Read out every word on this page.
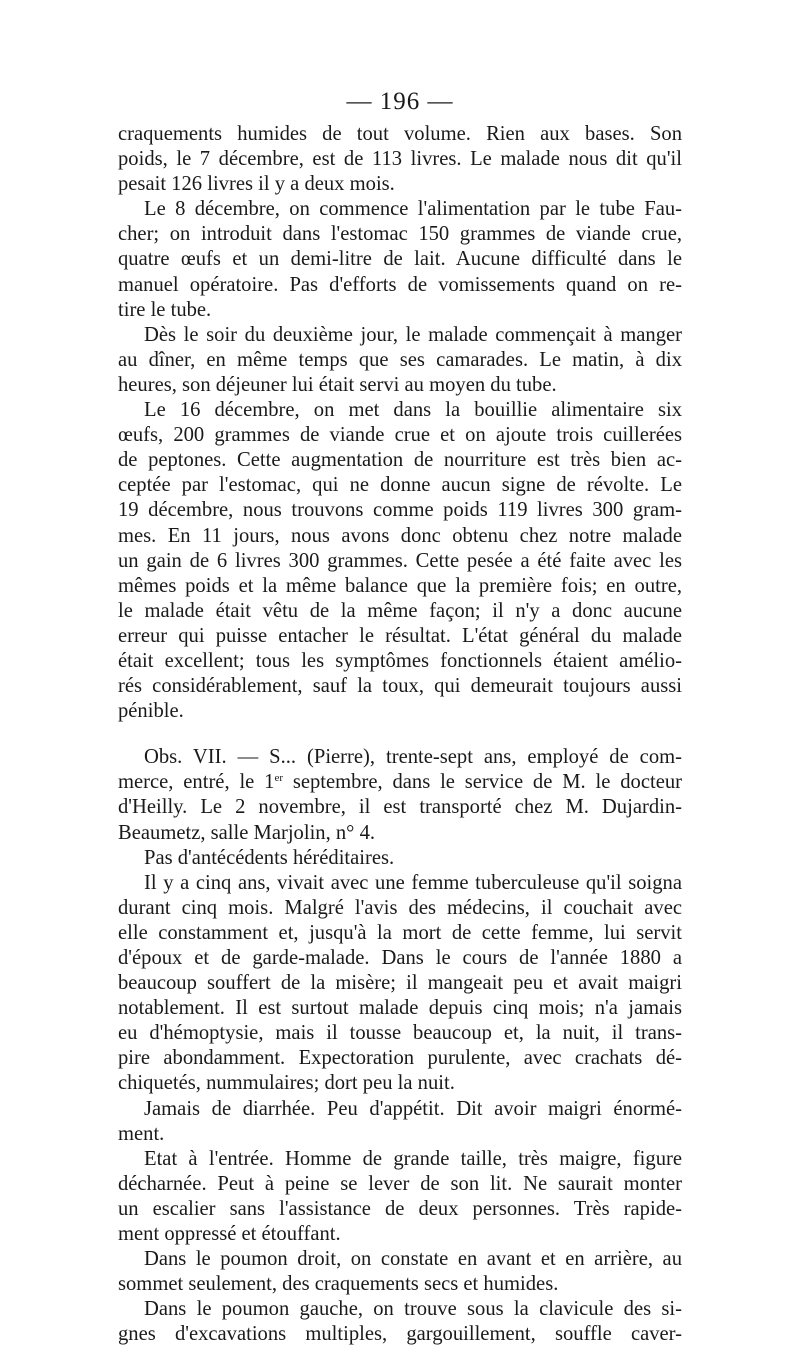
— 196 —

craquements humides de tout volume. Rien aux bases. Son

poids, le 7 décembre, est de 113 livres. Le malade nous dit qu'il

pesait 126 livres il y a deux mois.

Le 8 décembre, on commence l'alimentation par le tube Fau-

cher; on introduit dans l'estomac 150 grammes de viande crue,

quatre œufs et un demi-litre de lait. Aucune difficulté dans le

manuel opératoire. Pas d'efforts de vomissements quand on re-

tire le tube.

Dès le soir du deuxième jour, le malade commençait à manger

au dîner, en même temps que ses camarades. Le matin, à dix

heures, son déjeuner lui était servi au moyen du tube.

Le 16 décembre, on met dans la bouillie alimentaire six

œufs, 200 grammes de viande crue et on ajoute trois cuillerées

de peptones. Cette augmentation de nourriture est très bien ac-

ceptée par l'estomac, qui ne donne aucun signe de révolte. Le

19 décembre, nous trouvons comme poids 119 livres 300 gram-

mes. En 11 jours, nous avons donc obtenu chez notre malade

un gain de 6 livres 300 grammes. Cette pesée a été faite avec les

mêmes poids et la même balance que la première fois; en outre,

le malade était vêtu de la même façon; il n'y a donc aucune

erreur qui puisse entacher le résultat. L'état général du malade

était excellent; tous les symptômes fonctionnels étaient amélio-

rés considérablement, sauf la toux, qui demeurait toujours aussi

pénible.

Obs. VII. — S... (Pierre), trente-sept ans, employé de com-

merce, entré, le 1er septembre, dans le service de M. le docteur

d'Heilly. Le 2 novembre, il est transporté chez M. Dujardin-

Beaumetz, salle Marjolin, n° 4.

Pas d'antécédents héréditaires.

Il y a cinq ans, vivait avec une femme tuberculeuse qu'il soigna

durant cinq mois. Malgré l'avis des médecins, il couchait avec

elle constamment et, jusqu'à la mort de cette femme, lui servit

d'époux et de garde-malade. Dans le cours de l'année 1880 a

beaucoup souffert de la misère; il mangeait peu et avait maigri

notablement. Il est surtout malade depuis cinq mois; n'a jamais

eu d'hémoptysie, mais il tousse beaucoup et, la nuit, il trans-

pire abondamment. Expectoration purulente, avec crachats dé-

chiquetés, nummulaires; dort peu la nuit.

Jamais de diarrhée. Peu d'appétit. Dit avoir maigri énormé-

ment.

Etat à l'entrée. Homme de grande taille, très maigre, figure

décharnée. Peut à peine se lever de son lit. Ne saurait monter

un escalier sans l'assistance de deux personnes. Très rapide-

ment oppressé et étouffant.

Dans le poumon droit, on constate en avant et en arrière, au

sommet seulement, des craquements secs et humides.

Dans le poumon gauche, on trouve sous la clavicule des si-

gnes d'excavations multiples, gargouillement, souffle caver-
